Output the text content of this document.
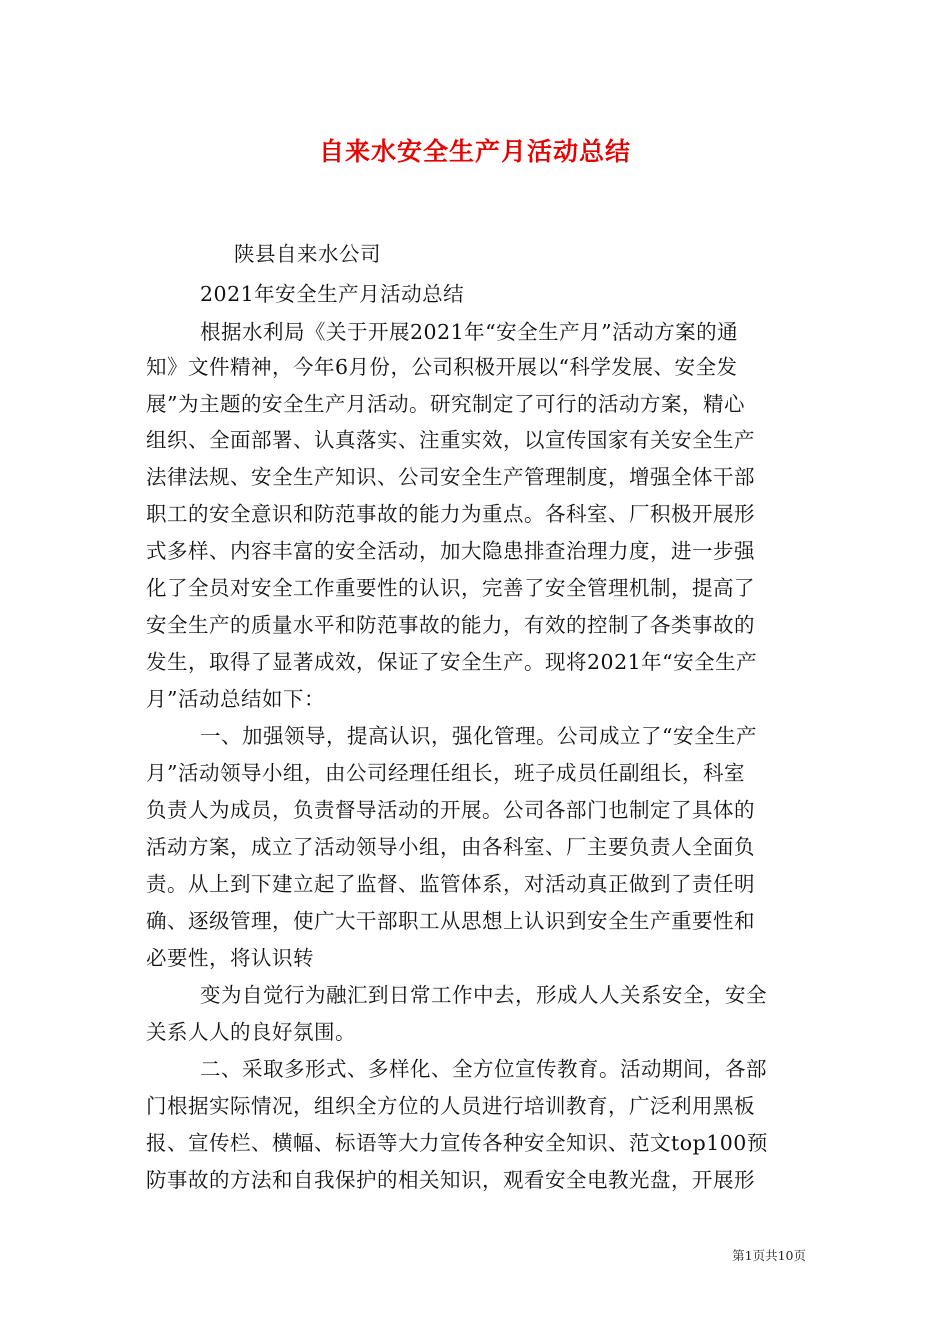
自来水安全生产月活动总结
陕县自来水公司
2021年安全生产月活动总结
根据水利局《关于开展2021年“安全生产月”活动方案的通
知》文件精神，今年6月份，公司积极开展以“科学发展、安全发
展”为主题的安全生产月活动。研究制定了可行的活动方案，精心
组织、全面部署、认真落实、注重实效，以宣传国家有关安全生产
法律法规、安全生产知识、公司安全生产管理制度，增强全体干部
职工的安全意识和防范事故的能力为重点。各科室、厂积极开展形
式多样、内容丰富的安全活动，加大隐患排查治理力度，进一步强
化了全员对安全工作重要性的认识，完善了安全管理机制，提高了
安全生产的质量水平和防范事故的能力，有效的控制了各类事故的
发生，取得了显著成效，保证了安全生产。现将2021年“安全生产
月”活动总结如下：
一、加强领导，提高认识，强化管理。公司成立了“安全生产
月”活动领导小组，由公司经理任组长，班子成员任副组长，科室
负责人为成员，负责督导活动的开展。公司各部门也制定了具体的
活动方案，成立了活动领导小组，由各科室、厂主要负责人全面负
责。从上到下建立起了监督、监管体系，对活动真正做到了责任明
确、逐级管理，使广大干部职工从思想上认识到安全生产重要性和
必要性，将认识转
变为自觉行为融汇到日常工作中去，形成人人关系安全，安全
关系人人的良好氛围。
二、采取多形式、多样化、全方位宣传教育。活动期间，各部
门根据实际情况，组织全方位的人员进行培训教育，广泛利用黑板
报、宣传栏、横幅、标语等大力宣传各种安全知识、范文top100预
防事故的方法和自我保护的相关知识，观看安全电教光盘，开展形
第1页共10页
